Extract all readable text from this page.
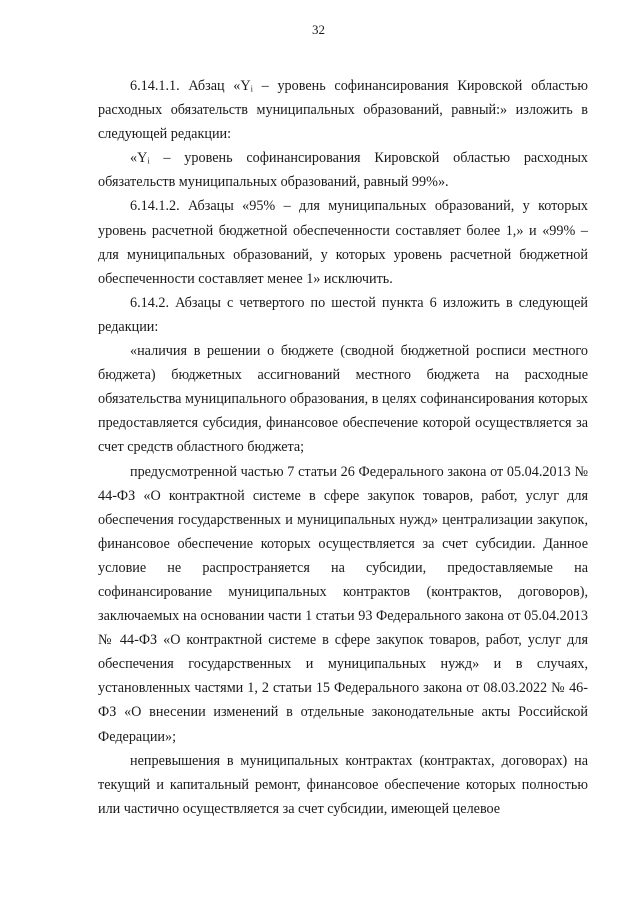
32

6.14.1.1. Абзац «Yᵢ – уровень софинансирования Кировской областью расходных обязательств муниципальных образований, равный:» изложить в следующей редакции:

«Yᵢ – уровень софинансирования Кировской областью расходных обязательств муниципальных образований, равный 99%».

6.14.1.2. Абзацы «95% – для муниципальных образований, у которых уровень расчетной бюджетной обеспеченности составляет более 1,» и «99% – для муниципальных образований, у которых уровень расчетной бюджетной обеспеченности составляет менее 1» исключить.

6.14.2. Абзацы с четвертого по шестой пункта 6 изложить в следующей редакции:

«наличия в решении о бюджете (сводной бюджетной росписи местного бюджета) бюджетных ассигнований местного бюджета на расходные обязательства муниципального образования, в целях софинансирования которых предоставляется субсидия, финансовое обеспечение которой осуществляется за счет средств областного бюджета;

предусмотренной частью 7 статьи 26 Федерального закона от 05.04.2013 № 44-ФЗ «О контрактной системе в сфере закупок товаров, работ, услуг для обеспечения государственных и муниципальных нужд» централизации закупок, финансовое обеспечение которых осуществляется за счет субсидии. Данное условие не распространяется на субсидии, предоставляемые на софинансирование муниципальных контрактов (контрактов, договоров), заключаемых на основании части 1 статьи 93 Федерального закона от 05.04.2013 № 44-ФЗ «О контрактной системе в сфере закупок товаров, работ, услуг для обеспечения государственных и муниципальных нужд» и в случаях, установленных частями 1, 2 статьи 15 Федерального закона от 08.03.2022 № 46-ФЗ «О внесении изменений в отдельные законодательные акты Российской Федерации»;

непревышения в муниципальных контрактах (контрактах, договорах) на текущий и капитальный ремонт, финансовое обеспечение которых полностью или частично осуществляется за счет субсидии, имеющей целевое
